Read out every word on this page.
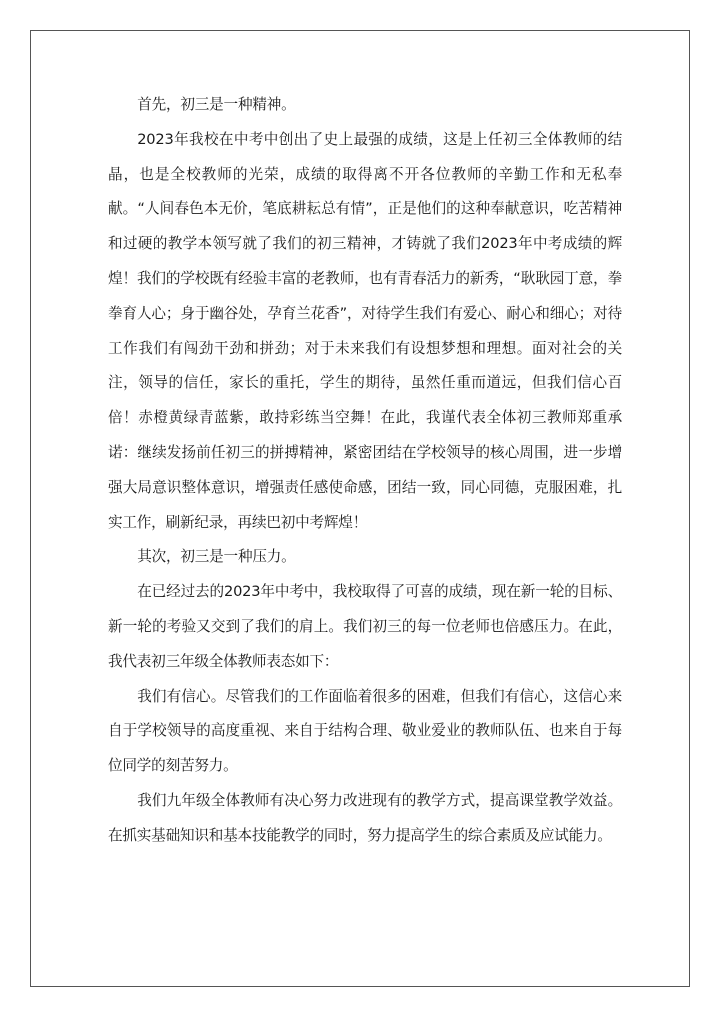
首先，初三是一种精神。

2023年我校在中考中创出了史上最强的成绩，这是上任初三全体教师的结晶，也是全校教师的光荣，成绩的取得离不开各位教师的辛勤工作和无私奉献。“人间春色本无价，笔底耕耘总有情”，正是他们的这种奉献意识，吃苦精神和过硬的教学本领写就了我们的初三精神，才铸就了我们2023年中考成绩的辉煌！我们的学校既有经验丰富的老教师，也有青春活力的新秀，“耿耿园丁意，拳拳育人心；身于幽谷处，孕育兰花香”，对待学生我们有爱心、耐心和细心；对待工作我们有闯劲干劲和拼劲；对于未来我们有设想梦想和理想。面对社会的关注，领导的信任，家长的重托，学生的期待，虽然任重而道远，但我们信心百倍！赤橙黄绿青蓝紫，敢持彩练当空舞！在此，我谨代表全体初三教师郑重承诺：继续发扬前任初三的拼搏精神，紧密团结在学校领导的核心周围，进一步增强大局意识整体意识，增强责任感使命感，团结一致，同心同德，克服困难，扎实工作，刷新纪录，再续巴初中考辉煌！

其次，初三是一种压力。

在已经过去的2023年中考中，我校取得了可喜的成绩，现在新一轮的目标、新一轮的考验又交到了我们的肩上。我们初三的每一位老师也倍感压力。在此，我代表初三年级全体教师表态如下：

我们有信心。尽管我们的工作面临着很多的困难，但我们有信心，这信心来自于学校领导的高度重视、来自于结构合理、敬业爱业的教师队伍、也来自于每位同学的刻苦努力。

我们九年级全体教师有决心努力改进现有的教学方式，提高课堂教学效益。在抓实基础知识和基本技能教学的同时，努力提高学生的综合素质及应试能力。
